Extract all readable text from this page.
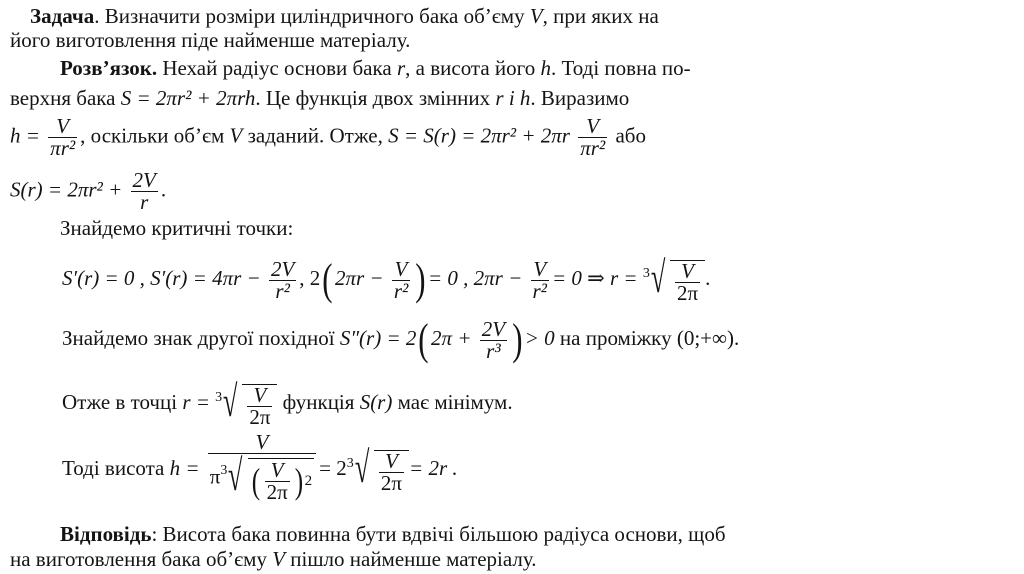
Задача. Визначити розміри циліндричного бака об’єму V, при яких на
його виготовлення піде найменше матеріалу.
Розв’язок. Нехай радіус основи бака r, а висота його h. Тоді повна по-
верхня бака S = 2πr² + 2πrh. Це функція двох змінних r і h. Виразимо
$h = \frac{V}{\text{πr²}}$ , оскільки об’єм V заданий. Отже, $S = S(r) = 2\pi r^2 + 2\pi r \frac{V}{\text{πr²}}$ або
$S(r) = 2\pi r^2 + \frac{2V}{r}$ .
Знайдемо критичні точки:
S′(r) = 0 , $S'(r) = 4\pi r - \frac{2V}{\text{r²}}$ , 2( $2\pi r - \frac{V}{\text{r²}}$ ) = 0 , $2\pi r - \frac{V}{\text{r²}} = 0$ ⇒ r = 3 √ $\frac{V}{2\pi}$ .
Знайдемо знак другої похідної S″(r) = 2( $2\pi + \frac{2V}{\text{r³}}$ ) > 0 на проміжку (0;+∞).
Отже в точці r = 3 √ $\frac{V}{2\pi}$ функція S(r) має мінімум.
Тоді висота $h = \frac{V}{\pi 3 √ ( \frac{V}{2\pi} ) 2} = 2$ 3 √ $\frac{V}{2\pi} = 2r$ .
Відповідь: Висота бака повинна бути вдвічі більшою радіуса основи, щоб
на виготовлення бака об’єму V пішло найменше матеріалу.
